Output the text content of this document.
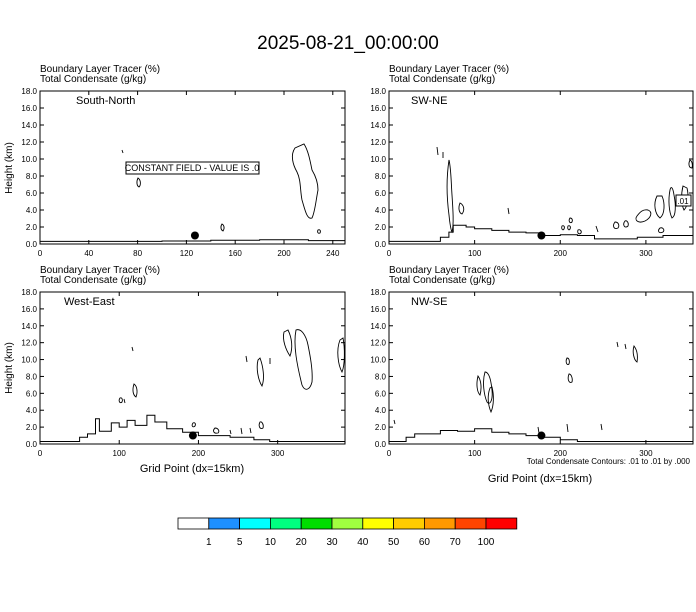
2025-08-21_00:00:00
Boundary Layer Tracer (%)
Total Condensate (g/kg)
South-North
Height (km)
0.0
2.0
4.0
6.0
8.0
10.0
12.0
14.0
16.0
18.0
0	40	80	120	160	200	240
CONSTANT FIELD - VALUE IS .0
Boundary Layer Tracer (%)
Total Condensate (g/kg)
SW-NE
0.0
2.0
4.0
6.0
8.0
10.0
12.0
14.0
16.0
18.0
0	100	200	300
.01
Boundary Layer Tracer (%)
Total Condensate (g/kg)
West-East
Height (km)
Grid Point (dx=15km)
0.0
2.0
4.0
6.0
8.0
10.0
12.0
14.0
16.0
18.0
0	100	200	300
Boundary Layer Tracer (%)
Total Condensate (g/kg)
NW-SE
Grid Point (dx=15km)
Total Condensate Contours: .01 to .01 by .000
0.0
2.0
4.0
6.0
8.0
10.0
12.0
14.0
16.0
18.0
0	100	200	300
1	5 10 20 30 40 50 60 70 100
